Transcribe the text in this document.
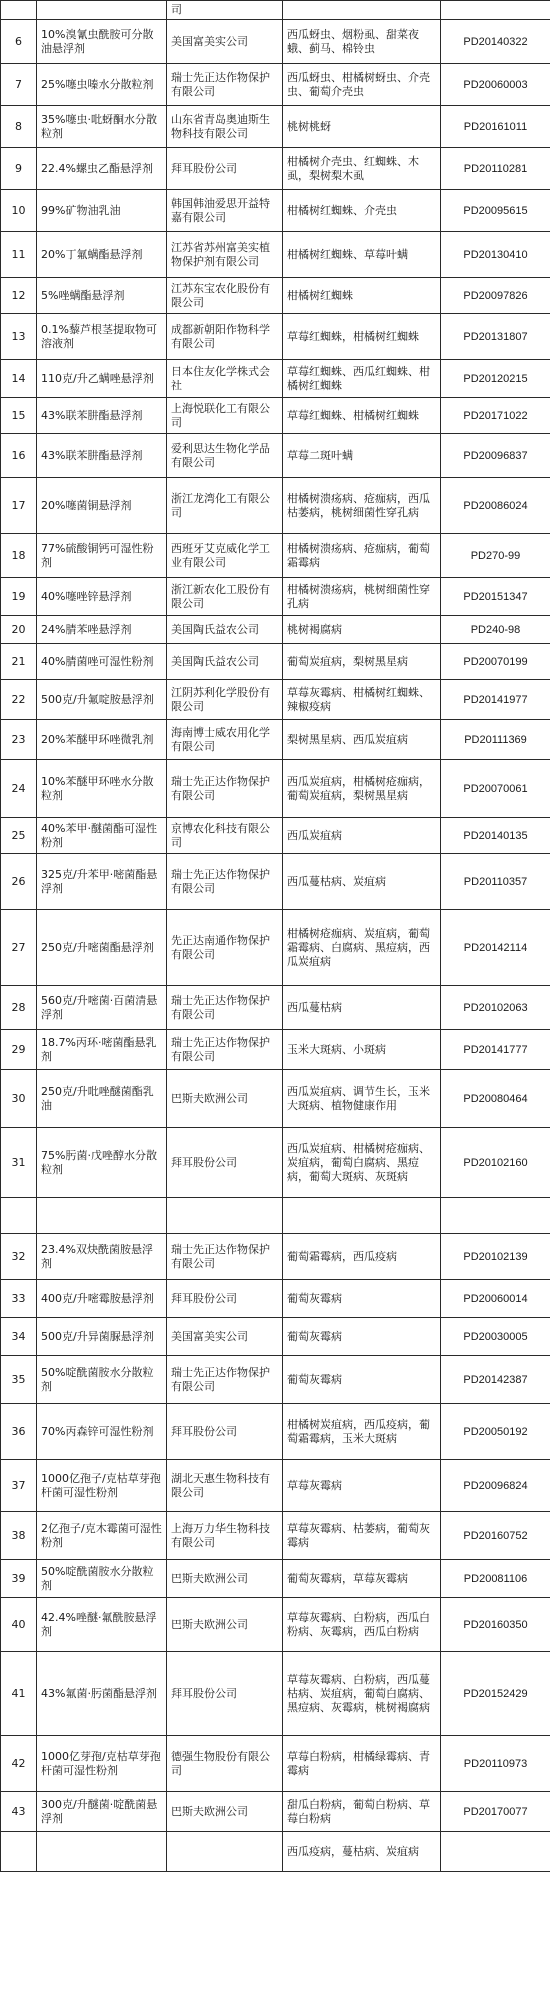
		司		
6	10%溴氰虫酰胺可分散油悬浮剂	美国富美实公司	西瓜蚜虫、烟粉虱、甜菜夜蛾、蓟马、棉铃虫	PD20140322
7	25%噻虫嗪水分散粒剂	瑞士先正达作物保护有限公司	西瓜蚜虫、柑橘树蚜虫、介壳虫、葡萄介壳虫	PD20060003
8	35%噻虫·吡蚜酮水分散粒剂	山东省青岛奥迪斯生物科技有限公司	桃树桃蚜	PD20161011
9	22.4%螺虫乙酯悬浮剂	拜耳股份公司	柑橘树介壳虫、红蜘蛛、木虱，梨树梨木虱	PD20110281
10	99%矿物油乳油	韩国韩油爱思开益特嘉有限公司	柑橘树红蜘蛛、介壳虫	PD20095615
11	20%丁氟螨酯悬浮剂	江苏省苏州富美实植物保护剂有限公司	柑橘树红蜘蛛、草莓叶螨	PD20130410
12	5%唑螨酯悬浮剂	江苏东宝农化股份有限公司	柑橘树红蜘蛛	PD20097826
13	0.1%藜芦根茎提取物可溶液剂	成都新朝阳作物科学有限公司	草莓红蜘蛛，柑橘树红蜘蛛	PD20131807
14	110克/升乙螨唑悬浮剂	日本住友化学株式会社	草莓红蜘蛛、西瓜红蜘蛛、柑橘树红蜘蛛	PD20120215
15	43%联苯肼酯悬浮剂	上海悦联化工有限公司	草莓红蜘蛛、柑橘树红蜘蛛	PD20171022
16	43%联苯肼酯悬浮剂	爱利思达生物化学品有限公司	草莓二斑叶螨	PD20096837
17	20%噻菌铜悬浮剂	浙江龙湾化工有限公司	柑橘树溃疡病、疮痂病，西瓜枯萎病，桃树细菌性穿孔病	PD20086024
18	77%硫酸铜钙可湿性粉剂	西班牙艾克威化学工业有限公司	柑橘树溃疡病、疮痂病，葡萄霜霉病	PD270-99
19	40%噻唑锌悬浮剂	浙江新农化工股份有限公司	柑橘树溃疡病，桃树细菌性穿孔病	PD20151347
20	24%腈苯唑悬浮剂	美国陶氏益农公司	桃树褐腐病	PD240-98
21	40%腈菌唑可湿性粉剂	美国陶氏益农公司	葡萄炭疽病，梨树黑星病	PD20070199
22	500克/升氟啶胺悬浮剂	江阴苏利化学股份有限公司	草莓灰霉病、柑橘树红蜘蛛、辣椒疫病	PD20141977
23	20%苯醚甲环唑微乳剂	海南博士威农用化学有限公司	梨树黑星病、西瓜炭疽病	PD20111369
24	10%苯醚甲环唑水分散粒剂	瑞士先正达作物保护有限公司	西瓜炭疽病，柑橘树疮痂病，葡萄炭疽病，梨树黑星病	PD20070061
25	40%苯甲·醚菌酯可湿性粉剂	京博农化科技有限公司	西瓜炭疽病	PD20140135
26	325克/升苯甲·嘧菌酯悬浮剂	瑞士先正达作物保护有限公司	西瓜蔓枯病、炭疽病	PD20110357
27	250克/升嘧菌酯悬浮剂	先正达南通作物保护有限公司	柑橘树疮痂病、炭疽病，葡萄霜霉病、白腐病、黑痘病，西瓜炭疽病	PD20142114
28	560克/升嘧菌·百菌清悬浮剂	瑞士先正达作物保护有限公司	西瓜蔓枯病	PD20102063
29	18.7%丙环·嘧菌酯悬乳剂	瑞士先正达作物保护有限公司	玉米大斑病、小斑病	PD20141777
30	250克/升吡唑醚菌酯乳油	巴斯夫欧洲公司	西瓜炭疽病、调节生长，玉米大斑病、植物健康作用	PD20080464
31	75%肟菌·戊唑醇水分散粒剂	拜耳股份公司	西瓜炭疽病、柑橘树疮痂病、炭疽病，葡萄白腐病、黑痘病，葡萄大斑病、灰斑病	PD20102160

32	23.4%双炔酰菌胺悬浮剂	瑞士先正达作物保护有限公司	葡萄霜霉病，西瓜疫病	PD20102139
33	400克/升嘧霉胺悬浮剂	拜耳股份公司	葡萄灰霉病	PD20060014
34	500克/升异菌脲悬浮剂	美国富美实公司	葡萄灰霉病	PD20030005
35	50%啶酰菌胺水分散粒剂	瑞士先正达作物保护有限公司	葡萄灰霉病	PD20142387
36	70%丙森锌可湿性粉剂	拜耳股份公司	柑橘树炭疽病，西瓜疫病，葡萄霜霉病，玉米大斑病	PD20050192
37	1000亿孢子/克枯草芽孢杆菌可湿性粉剂	湖北天惠生物科技有限公司	草莓灰霉病	PD20096824
38	2亿孢子/克木霉菌可湿性粉剂	上海万力华生物科技有限公司	草莓灰霉病、枯萎病，葡萄灰霉病	PD20160752
39	50%啶酰菌胺水分散粒剂	巴斯夫欧洲公司	葡萄灰霉病，草莓灰霉病	PD20081106
40	42.4%唑醚·氟酰胺悬浮剂	巴斯夫欧洲公司	草莓灰霉病、白粉病，西瓜白粉病、灰霉病，西瓜白粉病	PD20160350
41	43%氟菌·肟菌酯悬浮剂	拜耳股份公司	草莓灰霉病、白粉病，西瓜蔓枯病、炭疽病，葡萄白腐病、黑痘病、灰霉病，桃树褐腐病	PD20152429
42	1000亿芽孢/克枯草芽孢杆菌可湿性粉剂	德强生物股份有限公司	草莓白粉病，柑橘绿霉病、青霉病	PD20110973
43	300克/升醚菌·啶酰菌悬浮剂	巴斯夫欧洲公司	甜瓜白粉病，葡萄白粉病、草莓白粉病	PD20170077
			西瓜疫病，蔓枯病、炭疽病	
